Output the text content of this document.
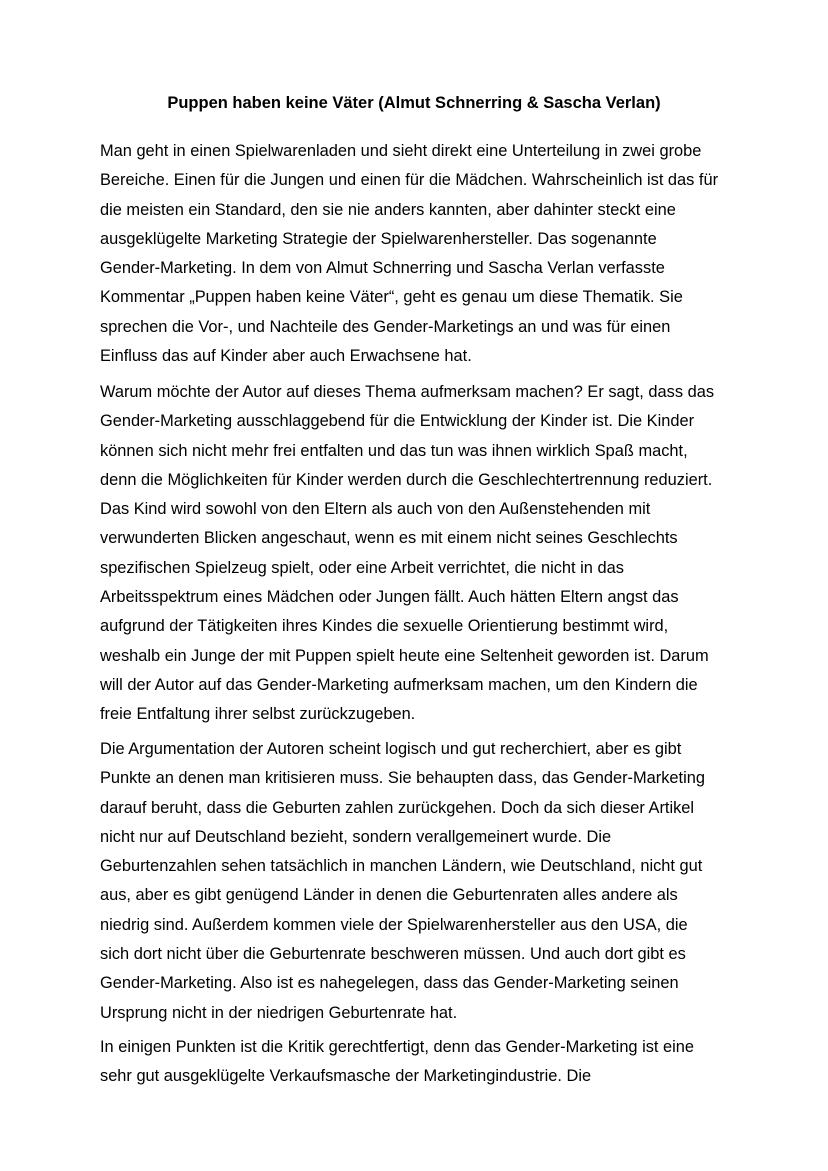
Puppen haben keine Väter (Almut Schnerring & Sascha Verlan)

Man geht in einen Spielwarenladen und sieht direkt eine Unterteilung in zwei grobe
Bereiche. Einen für die Jungen und einen für die Mädchen. Wahrscheinlich ist das für
die meisten ein Standard, den sie nie anders kannten, aber dahinter steckt eine
ausgeklügelte Marketing Strategie der Spielwarenhersteller. Das sogenannte
Gender-Marketing. In dem von Almut Schnerring und Sascha Verlan verfasste
Kommentar „Puppen haben keine Väter“, geht es genau um diese Thematik. Sie
sprechen die Vor-, und Nachteile des Gender-Marketings an und was für einen
Einfluss das auf Kinder aber auch Erwachsene hat.

Warum möchte der Autor auf dieses Thema aufmerksam machen? Er sagt, dass das
Gender-Marketing ausschlaggebend für die Entwicklung der Kinder ist. Die Kinder
können sich nicht mehr frei entfalten und das tun was ihnen wirklich Spaß macht,
denn die Möglichkeiten für Kinder werden durch die Geschlechtertrennung reduziert.
Das Kind wird sowohl von den Eltern als auch von den Außenstehenden mit
verwunderten Blicken angeschaut, wenn es mit einem nicht seines Geschlechts
spezifischen Spielzeug spielt, oder eine Arbeit verrichtet, die nicht in das
Arbeitsspektrum eines Mädchen oder Jungen fällt. Auch hätten Eltern angst das
aufgrund der Tätigkeiten ihres Kindes die sexuelle Orientierung bestimmt wird,
weshalb ein Junge der mit Puppen spielt heute eine Seltenheit geworden ist. Darum
will der Autor auf das Gender-Marketing aufmerksam machen, um den Kindern die
freie Entfaltung ihrer selbst zurückzugeben.

Die Argumentation der Autoren scheint logisch und gut recherchiert, aber es gibt
Punkte an denen man kritisieren muss. Sie behaupten dass, das Gender-Marketing
darauf beruht, dass die Geburten zahlen zurückgehen. Doch da sich dieser Artikel
nicht nur auf Deutschland bezieht, sondern verallgemeinert wurde. Die
Geburtenzahlen sehen tatsächlich in manchen Ländern, wie Deutschland, nicht gut
aus, aber es gibt genügend Länder in denen die Geburtenraten alles andere als
niedrig sind. Außerdem kommen viele der Spielwarenhersteller aus den USA, die
sich dort nicht über die Geburtenrate beschweren müssen. Und auch dort gibt es
Gender-Marketing. Also ist es nahegelegen, dass das Gender-Marketing seinen
Ursprung nicht in der niedrigen Geburtenrate hat.

In einigen Punkten ist die Kritik gerechtfertigt, denn das Gender-Marketing ist eine
sehr gut ausgeklügelte Verkaufsmasche der Marketingindustrie. Die
